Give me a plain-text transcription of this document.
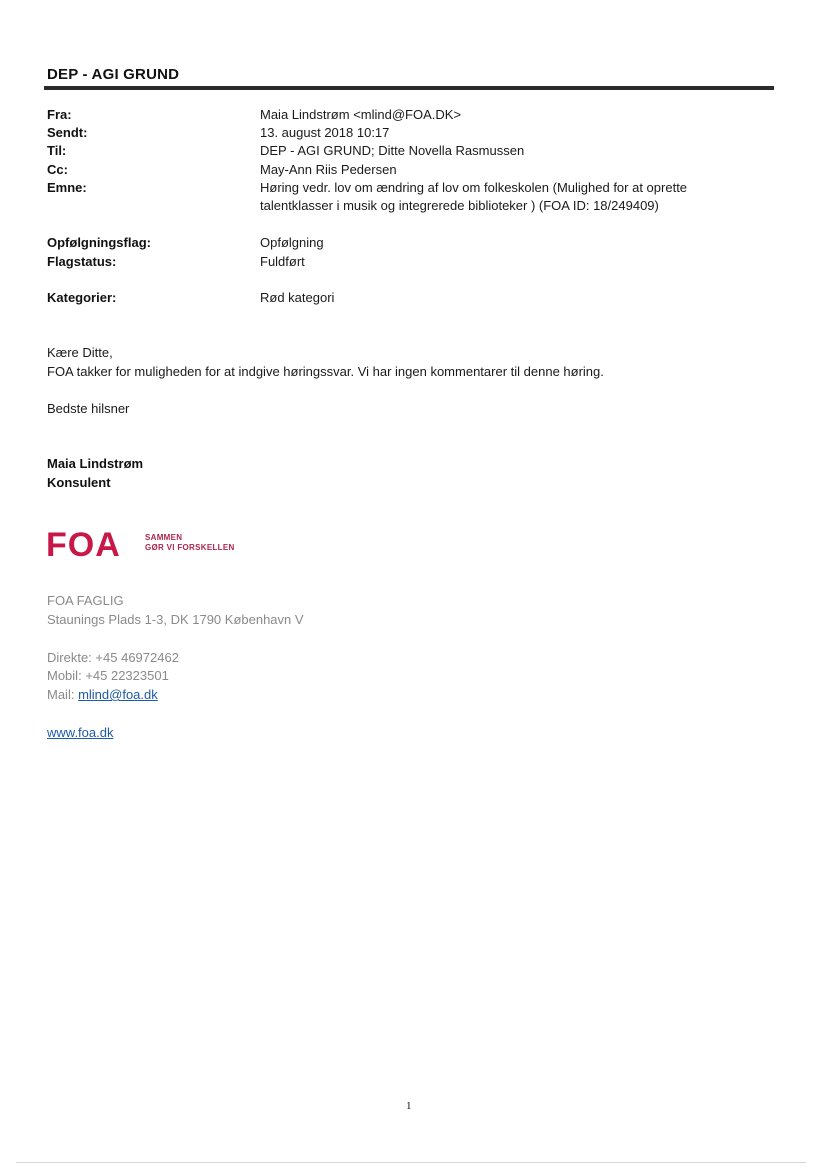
DEP - AGI GRUND
Fra:	Maia Lindstrøm <mlind@FOA.DK>
Sendt:	13. august 2018 10:17
Til:	DEP - AGI GRUND; Ditte Novella Rasmussen
Cc:	May-Ann Riis Pedersen
Emne:	Høring vedr. lov om ændring af lov om folkeskolen (Mulighed for at oprette
talentklasser i musik og integrerede biblioteker ) (FOA ID: 18/249409)
Opfølgningsflag:	Opfølgning
Flagstatus:	Fuldført
Kategorier:	Rød kategori
Kære Ditte,
FOA takker for muligheden for at indgive høringssvar. Vi har ingen kommentarer til denne høring.
Bedste hilsner
Maia Lindstrøm
Konsulent
FOA	SAMMEN
GØR VI FORSKELLEN
FOA FAGLIG
Staunings Plads 1-3, DK 1790 København V
Direkte: +45 46972462
Mobil: +45 22323501
Mail: mlind@foa.dk
www.foa.dk
1
